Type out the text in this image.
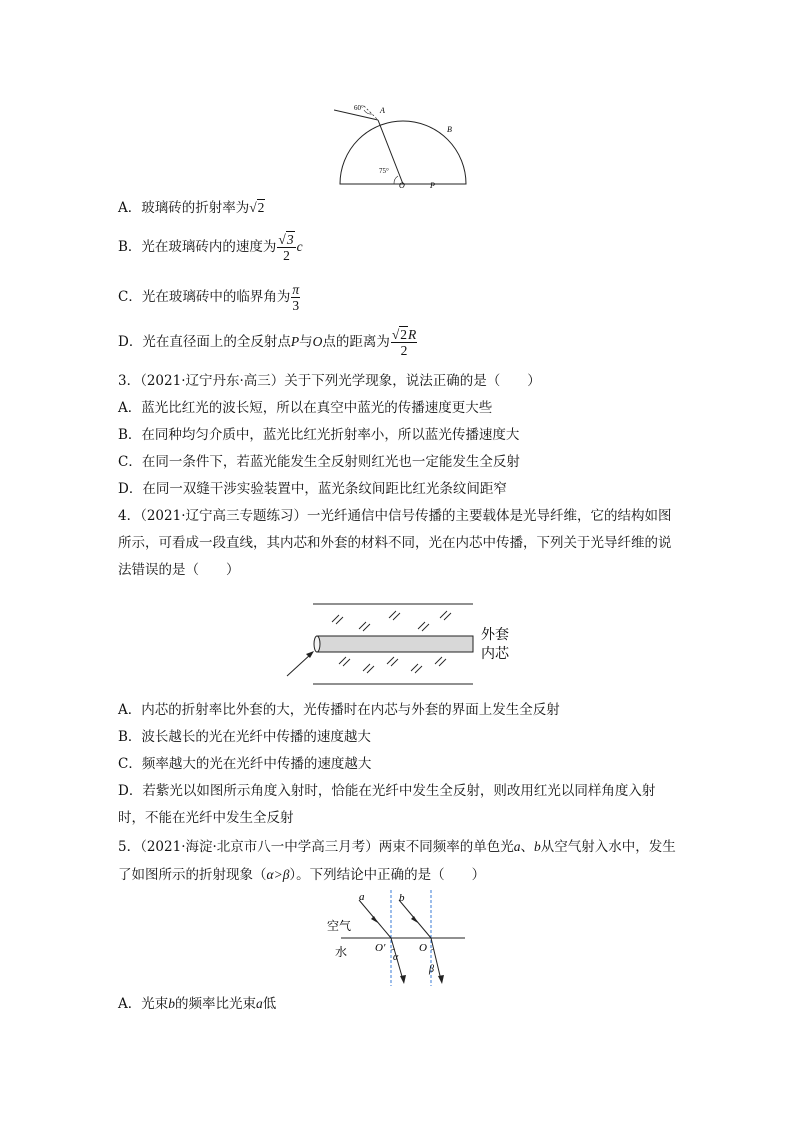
60° A
B
75°
O	P
A．玻璃砖的折射率为√2
B．光在玻璃砖内的速度为 $\frac{√3}{2}$ c
C．光在玻璃砖中的临界角为 $\frac{\pi}{3}$
D．光在直径面上的全反射点P与O点的距离为 $\frac{√2R}{2}$
3．（2021·辽宁丹东·高三）关于下列光学现象，说法正确的是（　　）
A．蓝光比红光的波长短，所以在真空中蓝光的传播速度更大些
B．在同种均匀介质中，蓝光比红光折射率小，所以蓝光传播速度大
C．在同一条件下，若蓝光能发生全反射则红光也一定能发生全反射
D．在同一双缝干涉实验装置中，蓝光条纹间距比红光条纹间距窄
4．（2021·辽宁高三专题练习）一光纤通信中信号传播的主要载体是光导纤维，它的结构如图所示，可看成一段直线，其内芯和外套的材料不同，光在内芯中传播，下列关于光导纤维的说法错误的是（　　）
外套
内芯
A．内芯的折射率比外套的大，光传播时在内芯与外套的界面上发生全反射
B．波长越长的光在光纤中传播的速度越大
C．频率越大的光在光纤中传播的速度越大
D．若紫光以如图所示角度入射时，恰能在光纤中发生全反射，则改用红光以同样角度入射时，不能在光纤中发生全反射
5．（2021·海淀·北京市八一中学高三月考）两束不同频率的单色光a、b从空气射入水中，发生了如图所示的折射现象（α>β）。下列结论中正确的是（　　）
a	b
空气
水	O′	O
α
β
A．光束b的频率比光束a低
